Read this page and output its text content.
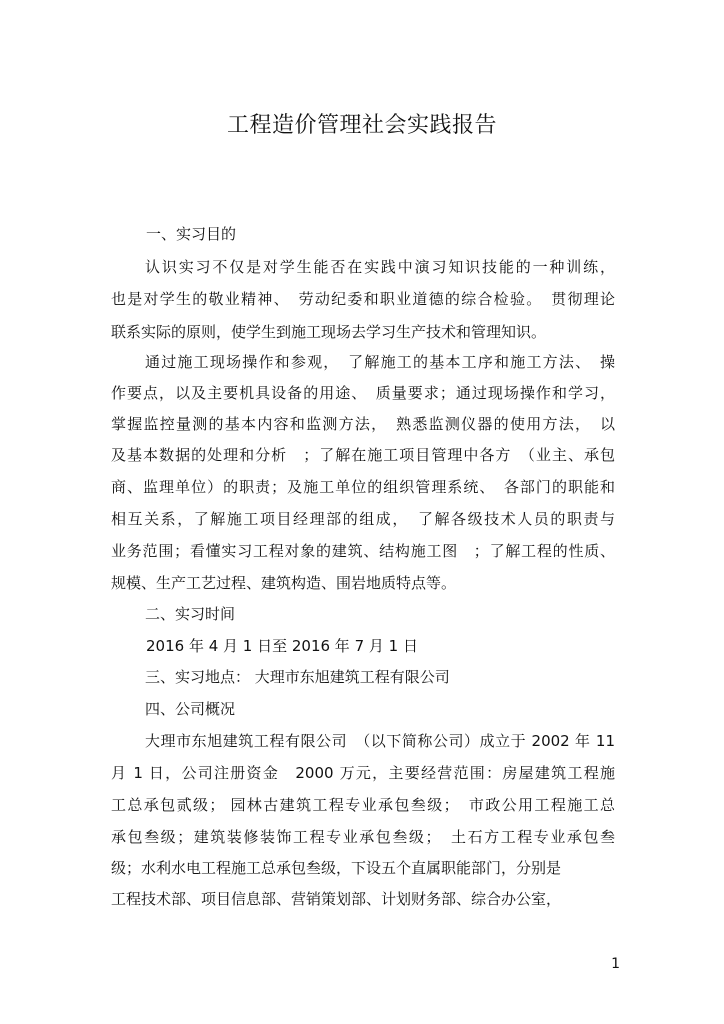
工程造价管理社会实践报告
一、实习目的
认识实习不仅是对学生能否在实践中演习知识技能的一种训练，
也是对学生的敬业精神、　劳动纪委和职业道德的综合检验。　贯彻理论
联系实际的原则，使学生到施工现场去学习生产技术和管理知识。
通过施工现场操作和参观，　了解施工的基本工序和施工方法、　操
作要点，以及主要机具设备的用途、　质量要求；通过现场操作和学习，
掌握监控量测的基本内容和监测方法，　熟悉监测仪器的使用方法，　以
及基本数据的处理和分析　；了解在施工项目管理中各方　（业主、承包
商、监理单位）的职责；及施工单位的组织管理系统、　各部门的职能和
相互关系，了解施工项目经理部的组成，　了解各级技术人员的职责与
业务范围；看懂实习工程对象的建筑、结构施工图　；了解工程的性质、
规模、生产工艺过程、建筑构造、围岩地质特点等。
二、实习时间
2016 年 4 月 1 日至 2016 年 7 月 1 日
三、实习地点： 大理市东旭建筑工程有限公司
四、公司概况
大理市东旭建筑工程有限公司　（以下简称公司）成立于 2002 年 11
月 1 日，公司注册资金　2000 万元，主要经营范围：房屋建筑工程施
工总承包贰级； 园林古建筑工程专业承包叁级；　市政公用工程施工总
承包叁级；建筑装修装饰工程专业承包叁级；　土石方工程专业承包叁
级；水利水电工程施工总承包叁级，下设五个直属职能部门，分别是
工程技术部、项目信息部、营销策划部、计划财务部、综合办公室，
1
